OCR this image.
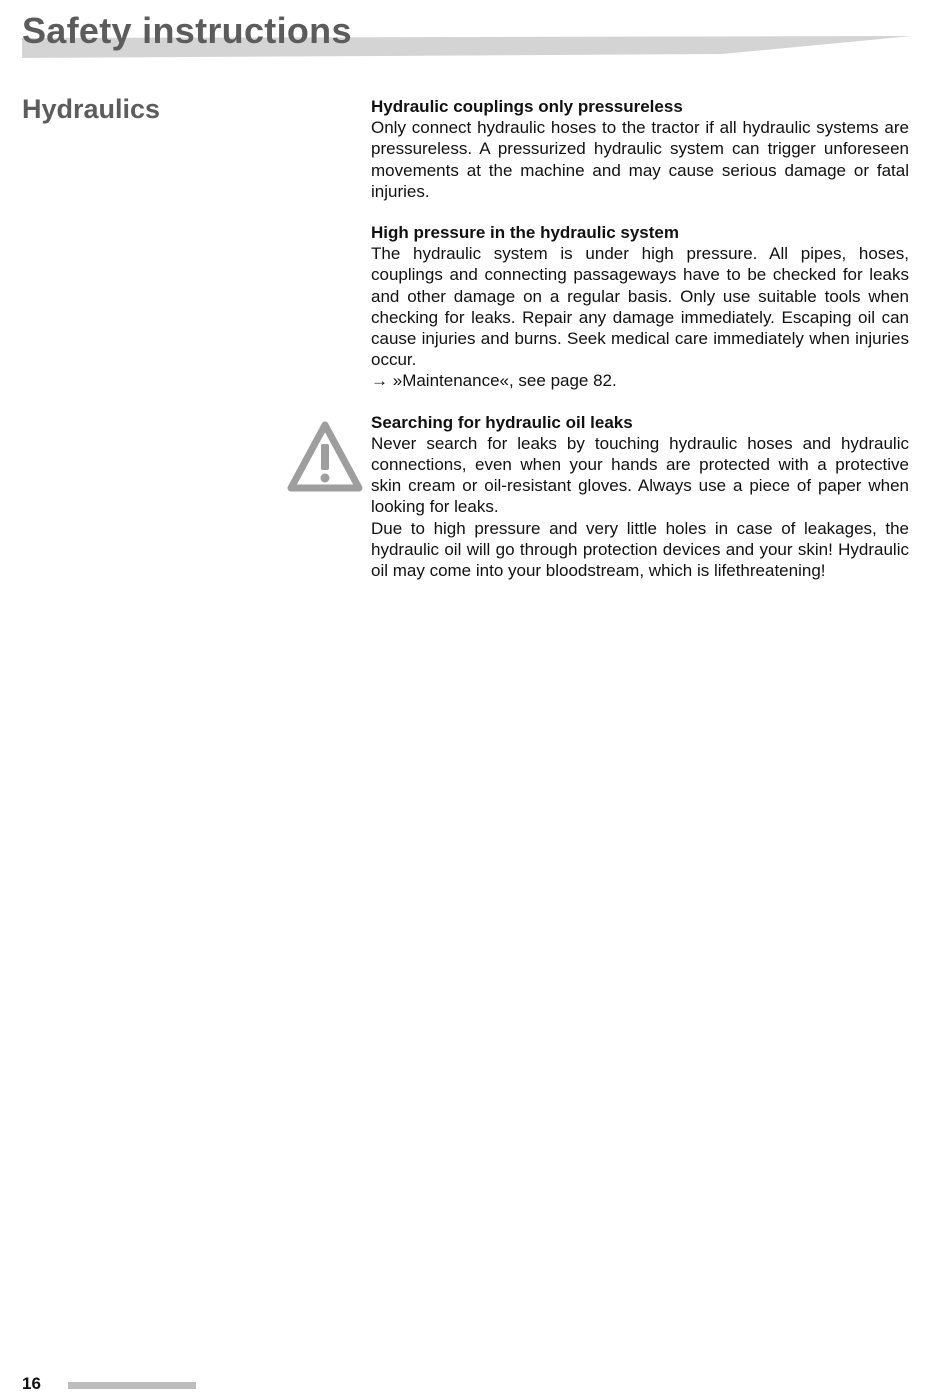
Safety instructions
Hydraulics	Hydraulic couplings only pressureless

Only connect hydraulic hoses to the tractor if all hydraulic systems are pressureless. A pressurized hydraulic system can trigger unforeseen movements at the machine and may cause serious damage or fatal injuries.

High pressure in the hydraulic system

The hydraulic system is under high pressure. All pipes, hoses, couplings and connecting passageways have to be checked for leaks and other damage on a regular basis. Only use suitable tools when checking for leaks. Repair any damage immediately. Escaping oil can cause injuries and burns. Seek medical care immediately when injuries occur.

→ »Maintenance«, see page 82.

Searching for hydraulic oil leaks

Never search for leaks by touching hydraulic hoses and hydraulic connections, even when your hands are protected with a protective skin cream or oil-resistant gloves. Always use a piece of paper when looking for leaks.

Due to high pressure and very little holes in case of leakages, the hydraulic oil will go through protection devices and your skin! Hydraulic oil may come into your bloodstream, which is lifethreatening!

16
